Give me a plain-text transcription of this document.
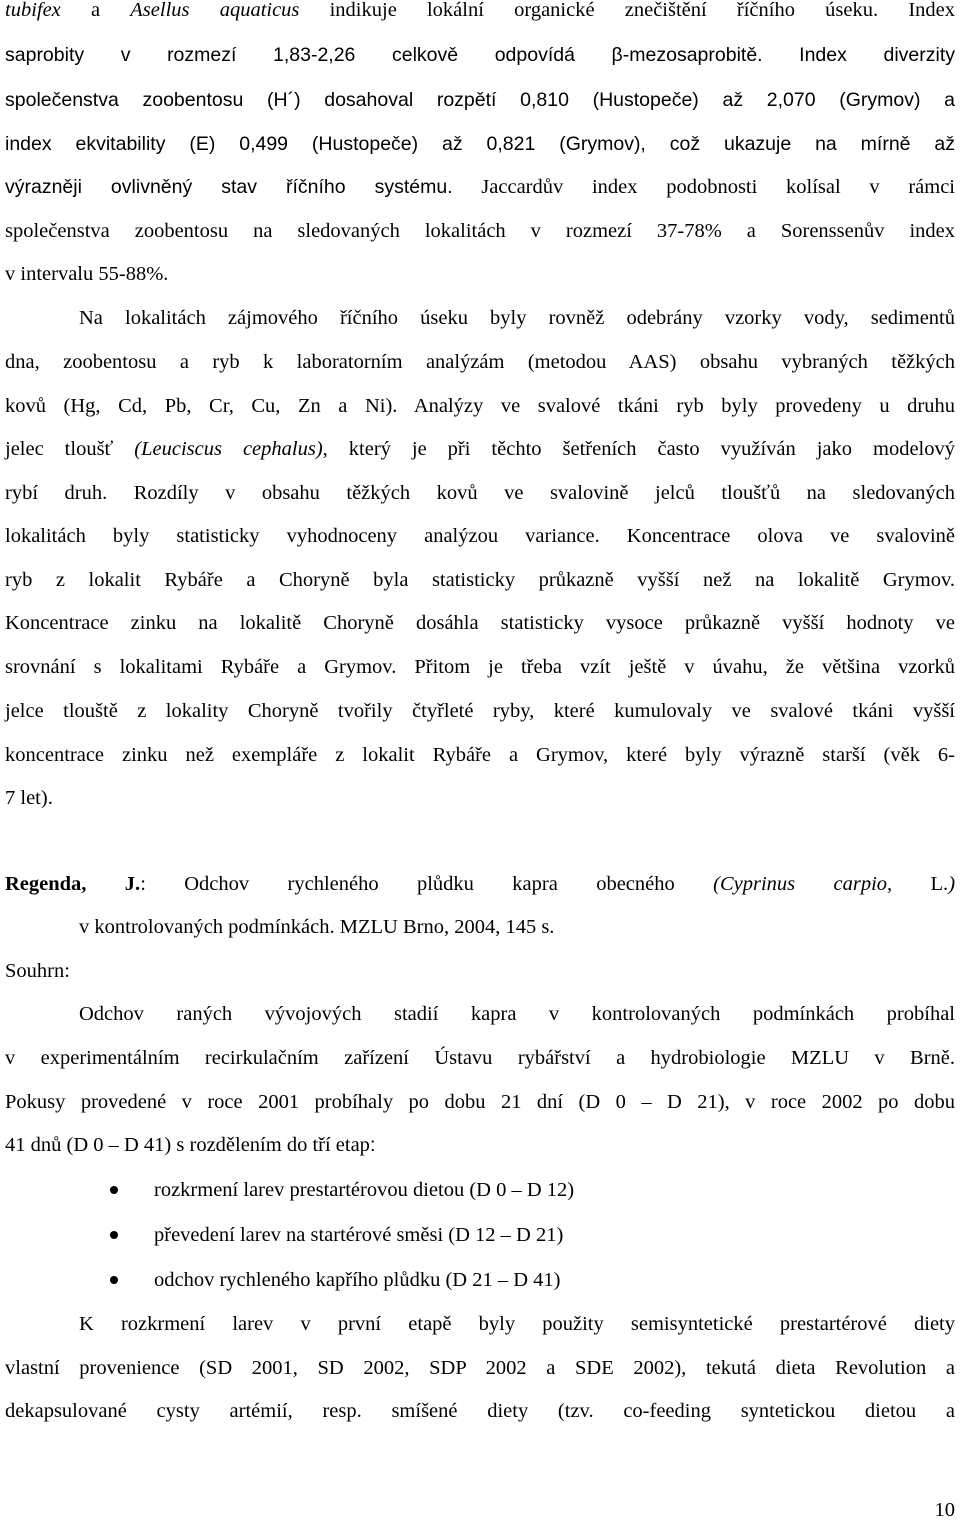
tubifex a Asellus aquaticus indikuje lokální organické znečištění říčního úseku. Index
saprobity v rozmezí 1,83-2,26 celkově odpovídá β-mezosaprobitě. Index diverzity
společenstva zoobentosu (H´) dosahoval rozpětí 0,810 (Hustopeče) až 2,070 (Grymov) a
index ekvitability (E) 0,499 (Hustopeče) až 0,821 (Grymov), což ukazuje na mírně až
výrazněji ovlivněný stav říčního systému. Jaccardův index podobnosti kolísal v rámci
společenstva zoobentosu na sledovaných lokalitách v rozmezí 37-78% a Sorenssenův index
v intervalu 55-88%.
Na lokalitách zájmového říčního úseku byly rovněž odebrány vzorky vody, sedimentů
dna, zoobentosu a ryb k laboratorním analýzám (metodou AAS) obsahu vybraných těžkých
kovů (Hg, Cd, Pb, Cr, Cu, Zn a Ni). Analýzy ve svalové tkáni ryb byly provedeny u druhu
jelec tloušť (Leuciscus cephalus), který je při těchto šetřeních často využíván jako modelový
rybí druh. Rozdíly v obsahu těžkých kovů ve svalovině jelců tloušťů na sledovaných
lokalitách byly statisticky vyhodnoceny analýzou variance. Koncentrace olova ve svalovině
ryb z lokalit Rybáře a Choryně byla statisticky průkazně vyšší než na lokalitě Grymov.
Koncentrace zinku na lokalitě Choryně dosáhla statisticky vysoce průkazně vyšší hodnoty ve
srovnání s lokalitami Rybáře a Grymov. Přitom je třeba vzít ještě v úvahu, že většina vzorků
jelce tlouště z lokality Choryně tvořily čtyřleté ryby, které kumulovaly ve svalové tkáni vyšší
koncentrace zinku než exempláře z lokalit Rybáře a Grymov, které byly výrazně starší (věk 6-
7 let).
Regenda, J.: Odchov rychleného plůdku kapra obecného (Cyprinus carpio, L.)
v kontrolovaných podmínkách. MZLU Brno, 2004, 145 s.
Souhrn:
Odchov raných vývojových stadií kapra v kontrolovaných podmínkách probíhal
v experimentálním recirkulačním zařízení Ústavu rybářství a hydrobiologie MZLU v Brně.
Pokusy provedené v roce 2001 probíhaly po dobu 21 dní (D 0 – D 21), v roce 2002 po dobu
41 dnů (D 0 – D 41) s rozdělením do tří etap:
rozkrmení larev prestartérovou dietou (D 0 – D 12)
převedení larev na startérové směsi (D 12 – D 21)
odchov rychleného kapřího plůdku (D 21 – D 41)
K rozkrmení larev v první etapě byly použity semisyntetické prestartérové diety
vlastní provenience (SD 2001, SD 2002, SDP 2002 a SDE 2002), tekutá dieta Revolution a
dekapsulované cysty artémií, resp. smíšené diety (tzv. co-feeding syntetickou dietou a
10
